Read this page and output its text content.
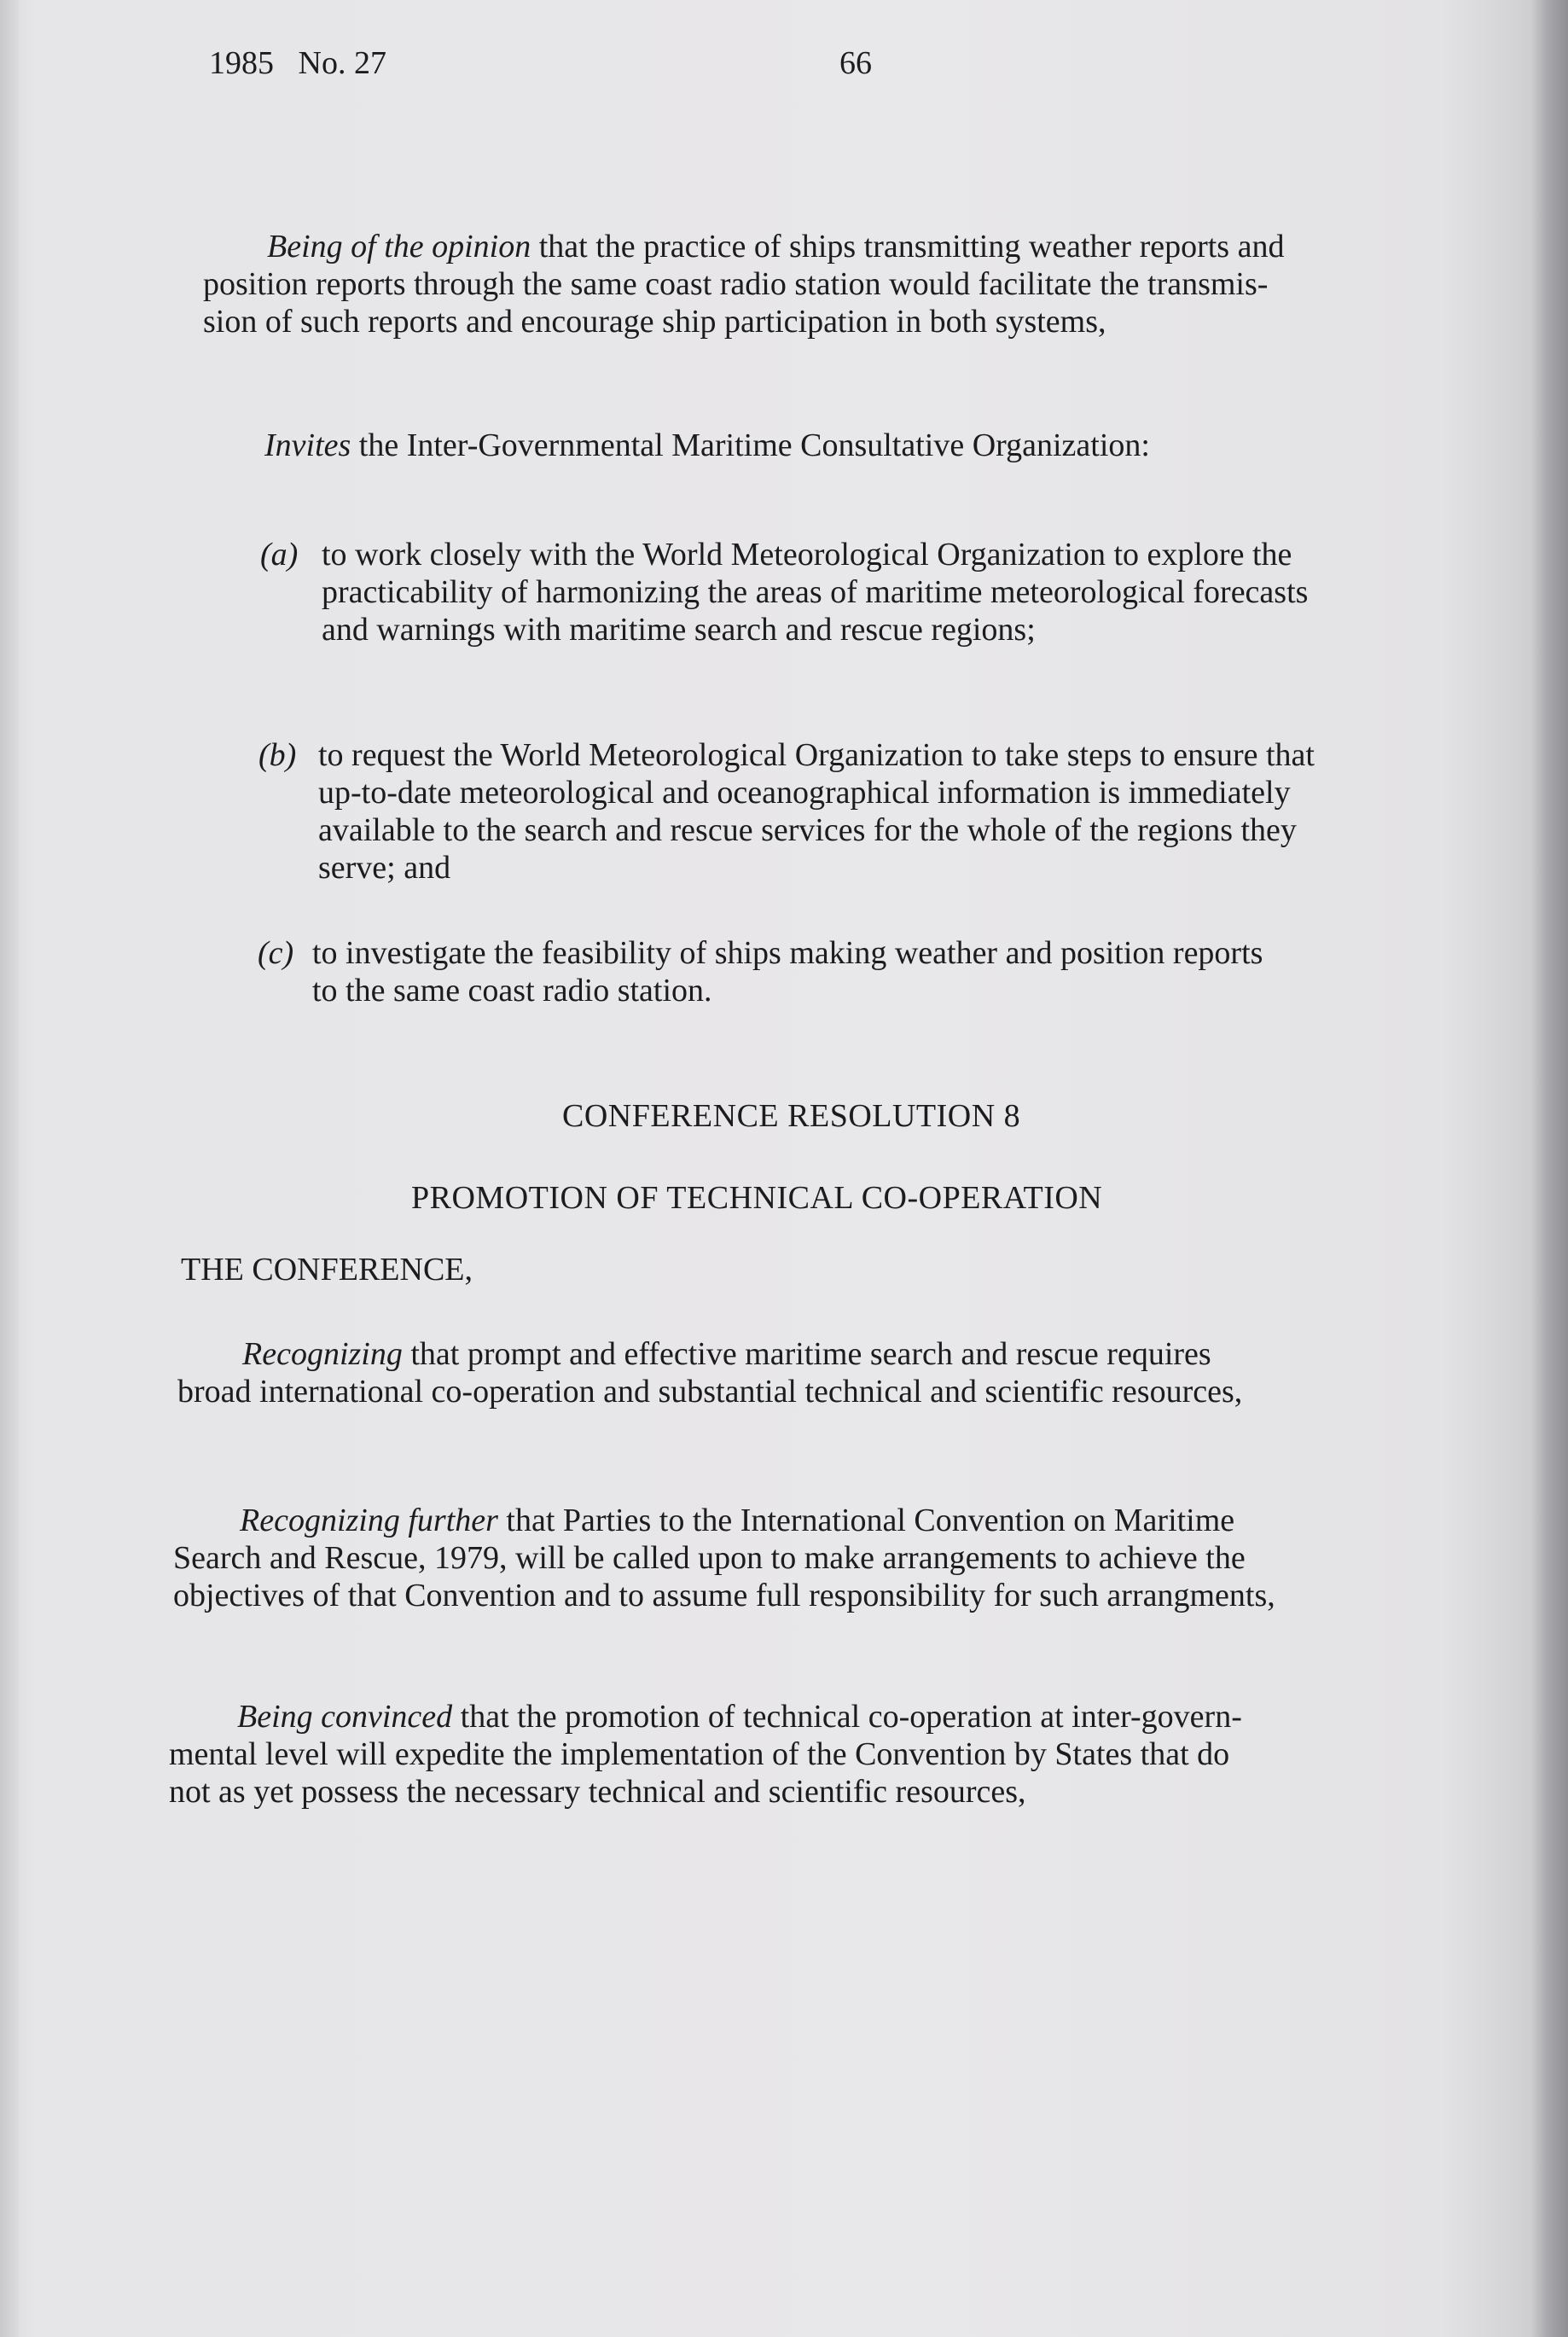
1985   No. 27	66
Being of the opinion that the practice of ships transmitting weather reports and
position reports through the same coast radio station would facilitate the transmis-
sion of such reports and encourage ship participation in both systems,
Invites the Inter-Governmental Maritime Consultative Organization:
(a) to work closely with the World Meteorological Organization to explore the
practicability of harmonizing the areas of maritime meteorological forecasts
and warnings with maritime search and rescue regions;
(b) to request the World Meteorological Organization to take steps to ensure that
up-to-date meteorological and oceanographical information is immediately
available to the search and rescue services for the whole of the regions they
serve; and
(c) to investigate the feasibility of ships making weather and position reports
to the same coast radio station.
CONFERENCE RESOLUTION 8
PROMOTION OF TECHNICAL CO-OPERATION
THE CONFERENCE,
Recognizing that prompt and effective maritime search and rescue requires
broad international co-operation and substantial technical and scientific resources,
Recognizing further that Parties to the International Convention on Maritime
Search and Rescue, 1979, will be called upon to make arrangements to achieve the
objectives of that Convention and to assume full responsibility for such arrangments,
Being convinced that the promotion of technical co-operation at inter-govern-
mental level will expedite the implementation of the Convention by States that do
not as yet possess the necessary technical and scientific resources,
